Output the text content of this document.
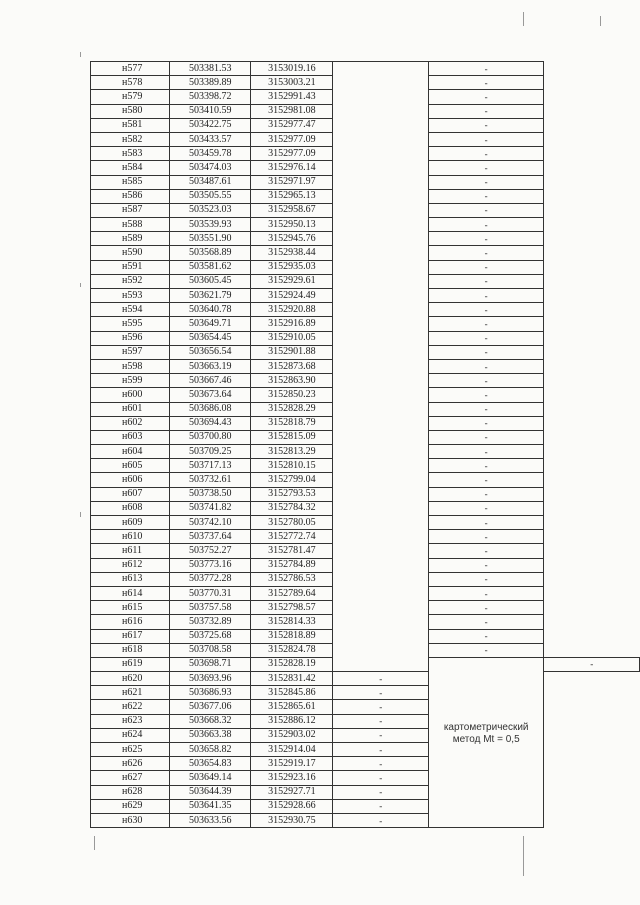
н577	503381.53	3153019.16		-	
н578	503389.89	3153003.21		-	
н579	503398.72	3152991.43		-	
н580	503410.59	3152981.08		-	
н581	503422.75	3152977.47		-	
н582	503433.57	3152977.09		-	
н583	503459.78	3152977.09		-	
н584	503474.03	3152976.14		-	
н585	503487.61	3152971.97		-	
н586	503505.55	3152965.13		-	
н587	503523.03	3152958.67		-	
н588	503539.93	3152950.13		-	
н589	503551.90	3152945.76		-	
н590	503568.89	3152938.44		-	
н591	503581.62	3152935.03		-	
н592	503605.45	3152929.61		-	
н593	503621.79	3152924.49		-	
н594	503640.78	3152920.88		-	
н595	503649.71	3152916.89		-	
н596	503654.45	3152910.05		-	
н597	503656.54	3152901.88		-	
н598	503663.19	3152873.68		-	
н599	503667.46	3152863.90		-	
н600	503673.64	3152850.23		-	
н601	503686.08	3152828.29		-	
н602	503694.43	3152818.79		-	
н603	503700.80	3152815.09		-	
н604	503709.25	3152813.29		-	
н605	503717.13	3152810.15		-	
н606	503732.61	3152799.04		-	
н607	503738.50	3152793.53		-	
н608	503741.82	3152784.32		-	
н609	503742.10	3152780.05		-	
н610	503737.64	3152772.74		-	
н611	503752.27	3152781.47		-	
н612	503773.16	3152784.89		-	
н613	503772.28	3152786.53		-	
н614	503770.31	3152789.64		-	
н615	503757.58	3152798.57		-	
н616	503732.89	3152814.33		-	
н617	503725.68	3152818.89		-	
н618	503708.58	3152824.78		-	
н619	503698.71	3152828.19		картометрический
метод Mt = 0,5	-
н620	503693.96	3152831.42	-		
н621	503686.93	3152845.86	-		
н622	503677.06	3152865.61	-		
н623	503668.32	3152886.12	-		
н624	503663.38	3152903.02	-		
н625	503658.82	3152914.04	-		
н626	503654.83	3152919.17	-		
н627	503649.14	3152923.16	-		
н628	503644.39	3152927.71	-		
н629	503641.35	3152928.66	-		
н630	503633.56	3152930.75	-		
